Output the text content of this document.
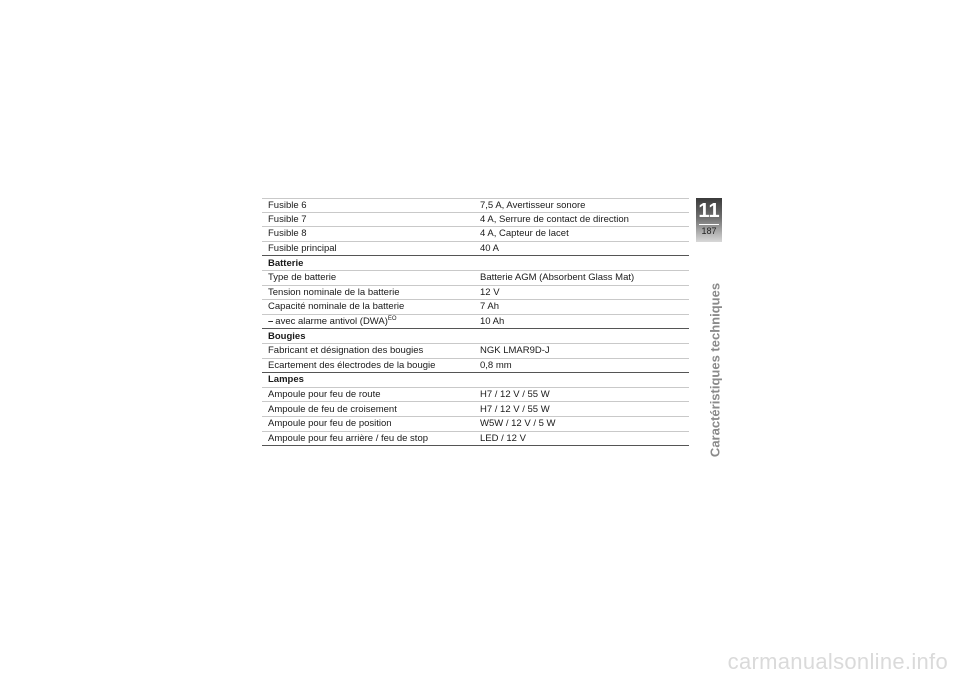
Fusible 6	7,5 A, Avertisseur sonore
Fusible 7	4 A, Serrure de contact de direction
Fusible 8	4 A, Capteur de lacet
Fusible principal	40 A
Batterie
Type de batterie	Batterie AGM (Absorbent Glass Mat)
Tension nominale de la batterie	12 V
Capacité nominale de la batterie	7 Ah
– avec alarme antivol (DWA)$^{EO}$	10 Ah
Bougies
Fabricant et désignation des bougies	NGK LMAR9D-J
Ecartement des électrodes de la bougie	0,8 mm
Lampes
Ampoule pour feu de route	H7 / 12 V / 55 W
Ampoule de feu de croisement	H7 / 12 V / 55 W
Ampoule pour feu de position	W5W / 12 V / 5 W
Ampoule pour feu arrière / feu de stop	LED / 12 V
11
187
Caractéristiques techniques
carmanualsonline.info
